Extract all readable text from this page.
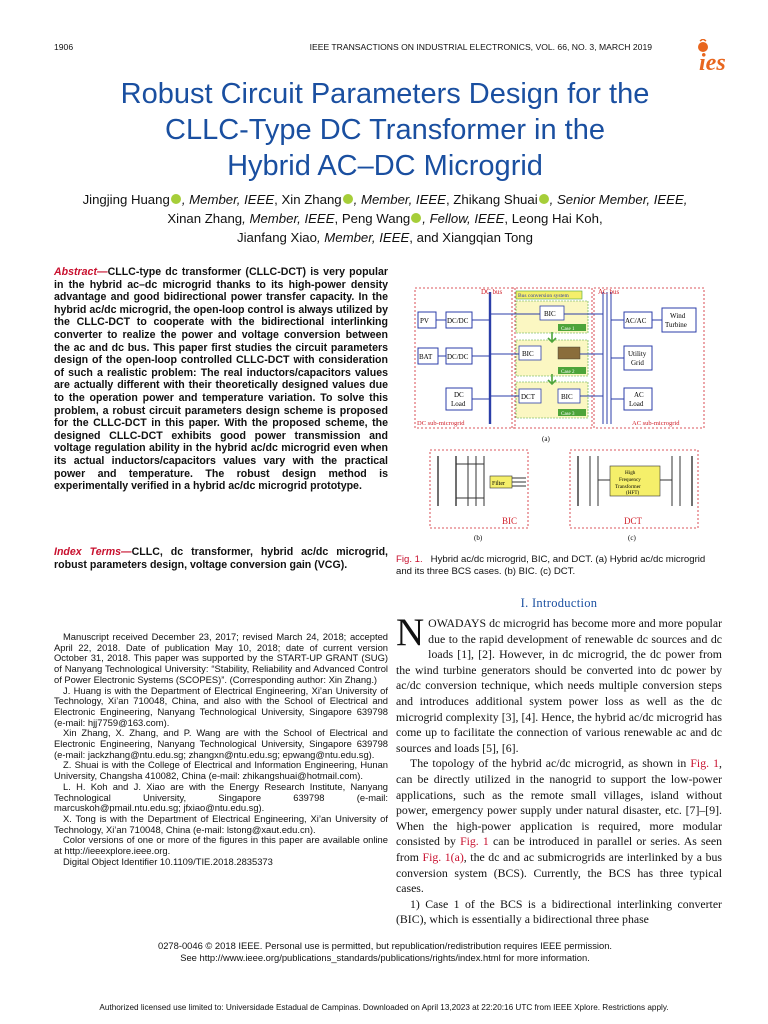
1906	IEEE TRANSACTIONS ON INDUSTRIAL ELECTRONICS, VOL. 66, NO. 3, MARCH 2019
ies
Robust Circuit Parameters Design for the
CLLC-Type DC Transformer in the
Hybrid AC–DC Microgrid
Jingjing Huang , Member, IEEE, Xin Zhang , Member, IEEE, Zhikang Shuai , Senior Member, IEEE,
Xinan Zhang, Member, IEEE, Peng Wang , Fellow, IEEE, Leong Hai Koh,
Jianfang Xiao, Member, IEEE, and Xiangqian Tong
Abstract—CLLC-type dc transformer (CLLC-DCT) is very popular in the hybrid ac–dc microgrid thanks to its high-power density advantage and good bidirectional power transfer capacity. In the hybrid ac/dc microgrid, the open-loop control is always utilized by the CLLC-DCT to cooperate with the bidirectional interlinking converter to realize the power and voltage conversion between the ac and dc bus. This paper first studies the circuit parameters design of the open-loop controlled CLLC-DCT with consideration of such a realistic problem: The real inductors/capacitors values are actually different with their theoretically designed values due to the operation power and temperature variation. To solve this problem, a robust circuit parameters design scheme is proposed for the CLLC-DCT in this paper. With the proposed scheme, the designed CLLC-DCT exhibits good power transmission and voltage regulation ability in the hybrid ac/dc microgrid even when its actual inductors/capacitors values vary with the practical power and temperature. The robust design method is experimentally verified in a hybrid ac/dc microgrid prototype.
Index Terms—CLLC, dc transformer, hybrid ac/dc microgrid, robust parameters design, voltage conversion gain (VCG).

Manuscript received December 23, 2017; revised March 24, 2018; accepted April 22, 2018. Date of publication May 10, 2018; date of current version October 31, 2018. This paper was supported by the START-UP GRANT (SUG) of Nanyang Technological University: “Stability, Reliability and Advanced Control of Power Electronic Systems (SCOPES)”. (Corresponding author: Xin Zhang.)

J. Huang is with the Department of Electrical Engineering, Xi’an University of Technology, Xi’an 710048, China, and also with the School of Electrical and Electronic Engineering, Nanyang Technological University, Singapore 639798 (e-mail: hjj7759@163.com).

Xin Zhang, X. Zhang, and P. Wang are with the School of Electrical and Electronic Engineering, Nanyang Technological University, Singapore 639798 (e-mail: jackzhang@ntu.edu.sg; zhangxn@ntu.edu.sg; epwang@ntu.edu.sg).

Z. Shuai is with the College of Electrical and Information Engineering, Hunan University, Changsha 410082, China (e-mail: zhikangshuai@hotmail.com).

L. H. Koh and J. Xiao are with the Energy Research Institute, Nanyang Technological University, Singapore 639798 (e-mail: marcuskoh@pmail.ntu.edu.sg; jfxiao@ntu.edu.sg).

X. Tong is with the Department of Electrical Engineering, Xi’an University of Technology, Xi’an 710048, China (e-mail: lstong@xaut.edu.cn).

Color versions of one or more of the figures in this paper are available online at http://ieeexplore.ieee.org.

Digital Object Identifier 10.1109/TIE.2018.2835373

DC bus	AC bus
Bus conversion system
BIC
Case 1
BIC
Case 2
DCT	BIC
Case 3
PV	DC/DC
BAT DC/DC
DC
Load
AC/AC
Wind
Turbine
Utility
Grid
AC
Load
DC sub-microgrid	AC sub-microgrid
(a)
Filter
BIC
(b)
High
Frequency
Transformer
(HFT)
DCT
(c)
Fig. 1. Hybrid ac/dc microgrid, BIC, and DCT. (a) Hybrid ac/dc microgrid and its three BCS cases. (b) BIC. (c) DCT.
I. Introduction

NOWADAYS dc microgrid has become more and more popular due to the rapid development of renewable dc sources and dc loads [1], [2]. However, in dc microgrid, the dc power from the wind turbine generators should be converted into dc power by ac/dc conversion technique, which needs multiple conversion steps and introduces additional system power loss as well as the dc microgrid complexity [3], [4]. Hence, the hybrid ac/dc microgrid has come up to facilitate the connection of various renewable ac and dc sources and loads [5], [6].

The topology of the hybrid ac/dc microgrid, as shown in Fig. 1, can be directly utilized in the nanogrid to support the low-power applications, such as the remote small villages, island without power, emergency power supply under natural disaster, etc. [7]–[9]. When the high-power application is required, more modular consisted by Fig. 1 can be introduced in parallel or series. As seen from Fig. 1(a), the dc and ac submicrogrids are interlinked by a bus conversion system (BCS). Currently, the BCS has three typical cases.

1) Case 1 of the BCS is a bidirectional interlinking converter (BIC), which is essentially a bidirectional three phase

0278-0046 © 2018 IEEE. Personal use is permitted, but republication/redistribution requires IEEE permission.
See http://www.ieee.org/publications_standards/publications/rights/index.html for more information.
Authorized licensed use limited to: Universidade Estadual de Campinas. Downloaded on April 13,2023 at 22:20:16 UTC from IEEE Xplore. Restrictions apply.
